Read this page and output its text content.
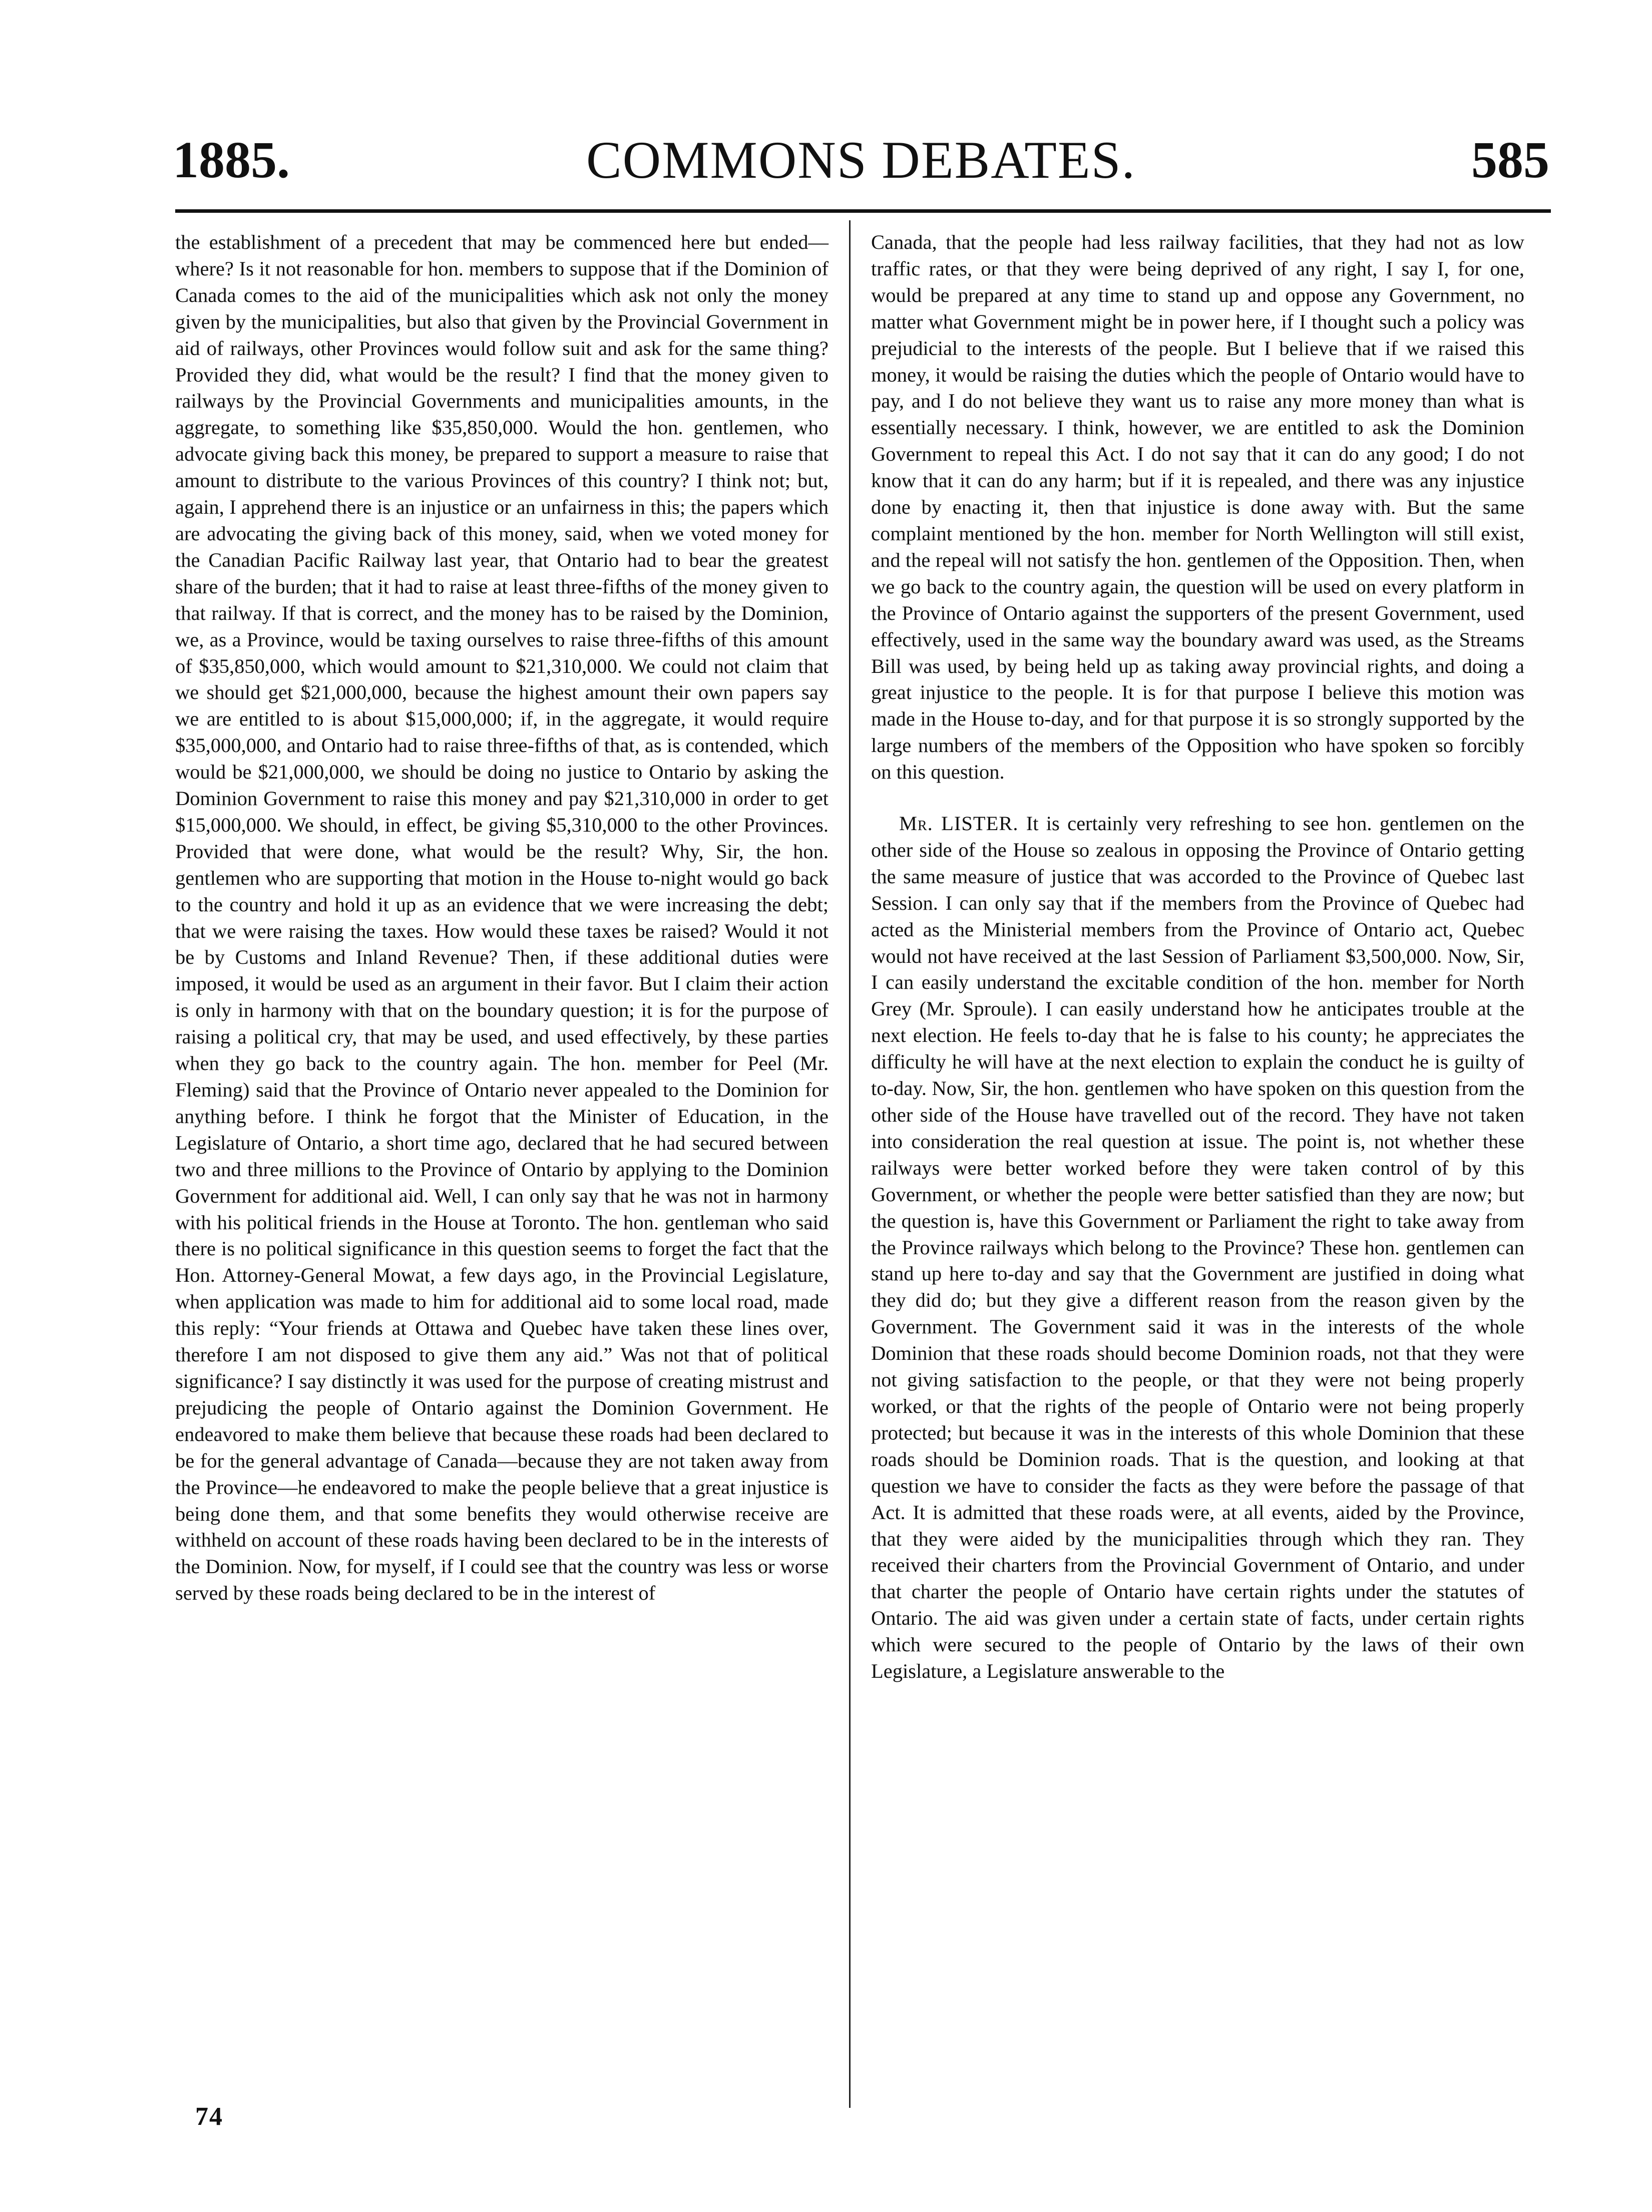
COMMONS DEBATES.
1885.	585

the establishment of a precedent that may be commenced here but ended—where? Is it not reasonable for hon. members to suppose that if the Dominion of Canada comes to the aid of the municipalities which ask not only the money given by the municipalities, but also that given by the Provincial Government in aid of railways, other Provinces would follow suit and ask for the same thing? Provided they did, what would be the result? I find that the money given to railways by the Provincial Governments and municipalities amounts, in the aggregate, to something like $35,850,000. Would the hon. gentlemen, who advocate giving back this money, be prepared to support a measure to raise that amount to distribute to the various Provinces of this country? I think not; but, again, I apprehend there is an injustice or an unfairness in this; the papers which are advocating the giving back of this money, said, when we voted money for the Canadian Pacific Railway last year, that Ontario had to bear the greatest share of the burden; that it had to raise at least three-fifths of the money given to that railway. If that is correct, and the money has to be raised by the Dominion, we, as a Province, would be taxing ourselves to raise three-fifths of this amount of $35,850,000, which would amount to $21,310,000. We could not claim that we should get $21,000,000, because the highest amount their own papers say we are entitled to is about $15,000,000; if, in the aggregate, it would require $35,000,000, and Ontario had to raise three-fifths of that, as is contended, which would be $21,000,000, we should be doing no justice to Ontario by asking the Dominion Government to raise this money and pay $21,310,000 in order to get $15,000,000. We should, in effect, be giving $5,310,000 to the other Provinces. Provided that were done, what would be the result? Why, Sir, the hon. gentlemen who are supporting that motion in the House to-night would go back to the country and hold it up as an evidence that we were increasing the debt; that we were raising the taxes. How would these taxes be raised? Would it not be by Customs and Inland Revenue? Then, if these additional duties were imposed, it would be used as an argument in their favor. But I claim their action is only in harmony with that on the boundary question; it is for the purpose of raising a political cry, that may be used, and used effectively, by these parties when they go back to the country again. The hon. member for Peel (Mr. Fleming) said that the Province of Ontario never appealed to the Dominion for anything before. I think he forgot that the Minister of Education, in the Legislature of Ontario, a short time ago, declared that he had secured between two and three millions to the Province of Ontario by applying to the Dominion Government for additional aid. Well, I can only say that he was not in harmony with his political friends in the House at Toronto. The hon. gentleman who said there is no political significance in this question seems to forget the fact that the Hon. Attorney-General Mowat, a few days ago, in the Provincial Legislature, when application was made to him for additional aid to some local road, made this reply: “Your friends at Ottawa and Quebec have taken these lines over, therefore I am not disposed to give them any aid.” Was not that of political significance? I say distinctly it was used for the purpose of creating mistrust and prejudicing the people of Ontario against the Dominion Government. He endeavored to make them believe that because these roads had been declared to be for the general advantage of Canada—because they are not taken away from the Province—he endeavored to make the people believe that a great injustice is being done them, and that some benefits they would otherwise receive are withheld on account of these roads having been declared to be in the interests of the Dominion. Now, for myself, if I could see that the country was less or worse served by these roads being declared to be in the interest of

Canada, that the people had less railway facilities, that they had not as low traffic rates, or that they were being deprived of any right, I say I, for one, would be prepared at any time to stand up and oppose any Government, no matter what Government might be in power here, if I thought such a policy was prejudicial to the interests of the people. But I believe that if we raised this money, it would be raising the duties which the people of Ontario would have to pay, and I do not believe they want us to raise any more money than what is essentially necessary. I think, however, we are entitled to ask the Dominion Government to repeal this Act. I do not say that it can do any good; I do not know that it can do any harm; but if it is repealed, and there was any injustice done by enacting it, then that injustice is done away with. But the same complaint mentioned by the hon. member for North Wellington will still exist, and the repeal will not satisfy the hon. gentlemen of the Opposition. Then, when we go back to the country again, the question will be used on every platform in the Province of Ontario against the supporters of the present Government, used effectively, used in the same way the boundary award was used, as the Streams Bill was used, by being held up as taking away provincial rights, and doing a great injustice to the people. It is for that purpose I believe this motion was made in the House to-day, and for that purpose it is so strongly supported by the large numbers of the members of the Opposition who have spoken so forcibly on this question.

Mr. LISTER. It is certainly very refreshing to see hon. gentlemen on the other side of the House so zealous in opposing the Province of Ontario getting the same measure of justice that was accorded to the Province of Quebec last Session. I can only say that if the members from the Province of Quebec had acted as the Ministerial members from the Province of Ontario act, Quebec would not have received at the last Session of Parliament $3,500,000. Now, Sir, I can easily understand the excitable condition of the hon. member for North Grey (Mr. Sproule). I can easily understand how he anticipates trouble at the next election. He feels to-day that he is false to his county; he appreciates the difficulty he will have at the next election to explain the conduct he is guilty of to-day. Now, Sir, the hon. gentlemen who have spoken on this question from the other side of the House have travelled out of the record. They have not taken into consideration the real question at issue. The point is, not whether these railways were better worked before they were taken control of by this Government, or whether the people were better satisfied than they are now; but the question is, have this Government or Parliament the right to take away from the Province railways which belong to the Province? These hon. gentlemen can stand up here to-day and say that the Government are justified in doing what they did do; but they give a different reason from the reason given by the Government. The Government said it was in the interests of the whole Dominion that these roads should become Dominion roads, not that they were not giving satisfaction to the people, or that they were not being properly worked, or that the rights of the people of Ontario were not being properly protected; but because it was in the interests of this whole Dominion that these roads should be Dominion roads. That is the question, and looking at that question we have to consider the facts as they were before the passage of that Act. It is admitted that these roads were, at all events, aided by the Province, that they were aided by the municipalities through which they ran. They received their charters from the Provincial Government of Ontario, and under that charter the people of Ontario have certain rights under the statutes of Ontario. The aid was given under a certain state of facts, under certain rights which were secured to the people of Ontario by the laws of their own Legislature, a Legislature answerable to the

74
